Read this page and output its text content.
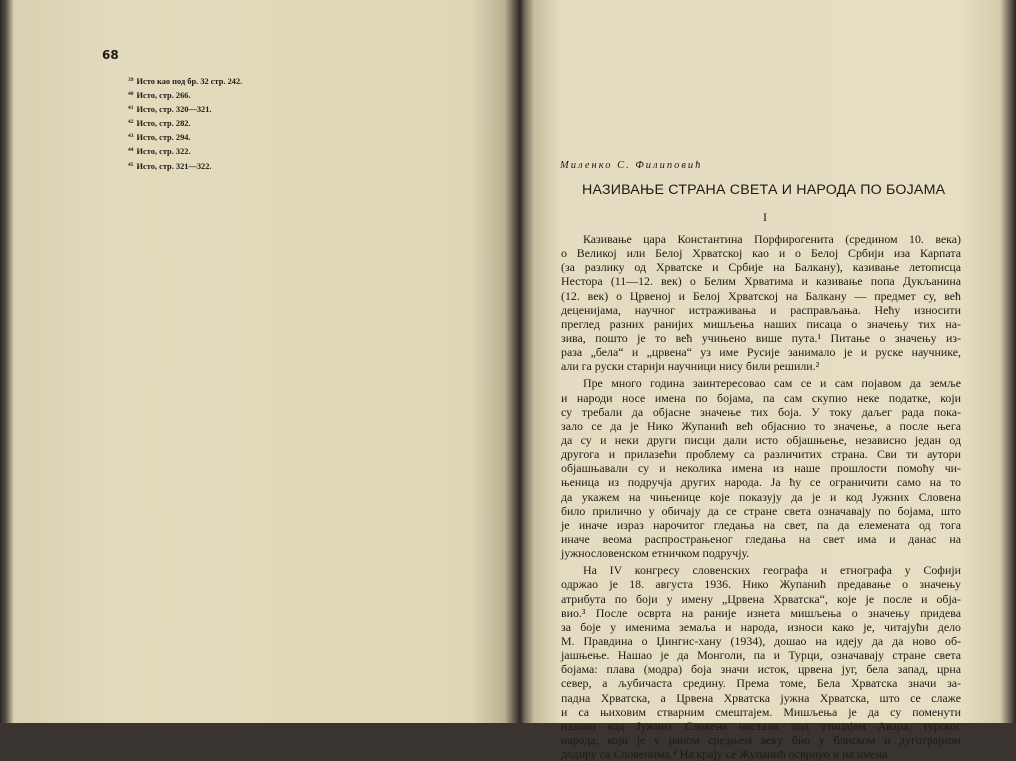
68
$^{39}$ Исто као под бр. 32 стр. 242.
$^{40}$ Исто, стр. 266.
$^{41}$ Исто, стр. 320—321.
$^{42}$ Исто, стр. 282.
$^{43}$ Исто, стр. 294.
$^{44}$ Исто, стр. 322.
$^{45}$ Исто, стр. 321—322.	Миленко С. Филиповић
НАЗИВАЊЕ СТРАНА СВЕТА И НАРОДА ПО БОЈАМА
I
Казивање цара Константина Порфирогенита (средином 10. века)
о Великој или Белој Хрватској као и о Белој Србији иза Карпата
(за разлику од Хрватске и Србије на Балкану), казивање летописца
Нестора (11—12. век) о Белим Хрватима и казивање попа Дукљанина
(12. век) о Црвеној и Белој Хрватској на Балкану — предмет су, већ
деценијама, научног истраживања и расправљања. Нећу износити
преглед разних ранијих мишљења наших писаца о значењу тих на-
зива, пошто је то већ учињено више пута.¹ Питање о значењу из-
раза „бела“ и „црвена“ уз име Русије занимало је и руске научнике,
али га руски старији научници нису били решили.²
Пре много година заинтересовао сам се и сам појавом да земље
и народи носе имена по бојама, па сам скупио неке податке, који
су требали да објасне значење тих боја. У току даљег рада пока-
зало се да је Нико Жупанић већ објаснио то значење, а после њега
да су и неки други писци дали исто објашњење, независно један од
другога и прилазећи проблему са различитих страна. Сви ти аутори
објашњавали су и неколика имена из наше прошлости помоћу чи-
њеница из подручја других народа. Ја ћу се ограничити само на то
да укажем на чињенице које показују да је и код Јужних Словена
било прилично у обичају да се стране света означавају по бојама, што
је иначе израз нарочитог гледања на свет, па да елемената од тога
иначе веома распрострањеног гледања на свет има и данас на
јужнословенском етничком подручју.
На IV конгресу словенских географа и етнографа у Софији
одржао је 18. августа 1936. Нико Жупанић предавање о значењу
атрибута по боји у имену „Црвена Хрватска“, које је после и обја-
вио.³ После осврта на раније изнета мишљења о значењу придева
за боје у именима земаља и народа, износи како је, читајући дело
М. Правдина о Џингис-хану (1934), дошао на идеју да да ново об-
јашњење. Нашао је да Монголи, па и Турци, означавају стране света
бојама: плава (модра) боја значи исток, црвена југ, бела запад, црна
север, а љубичаста средину. Према томе, Бела Хрватска значи за-
падна Хрватска, а Црвена Хрватска јужна Хрватска, што се слаже
и са њиховим стварним смештајем. Мишљења је да су поменути
називи код Јужних Словена настали под утицајем Авара, турског
народа, који је у раном средњем веку био у блиском и дуготрајном
додиру са Словенима.⁴ На крају се Жупанић осврнуо и на имена
